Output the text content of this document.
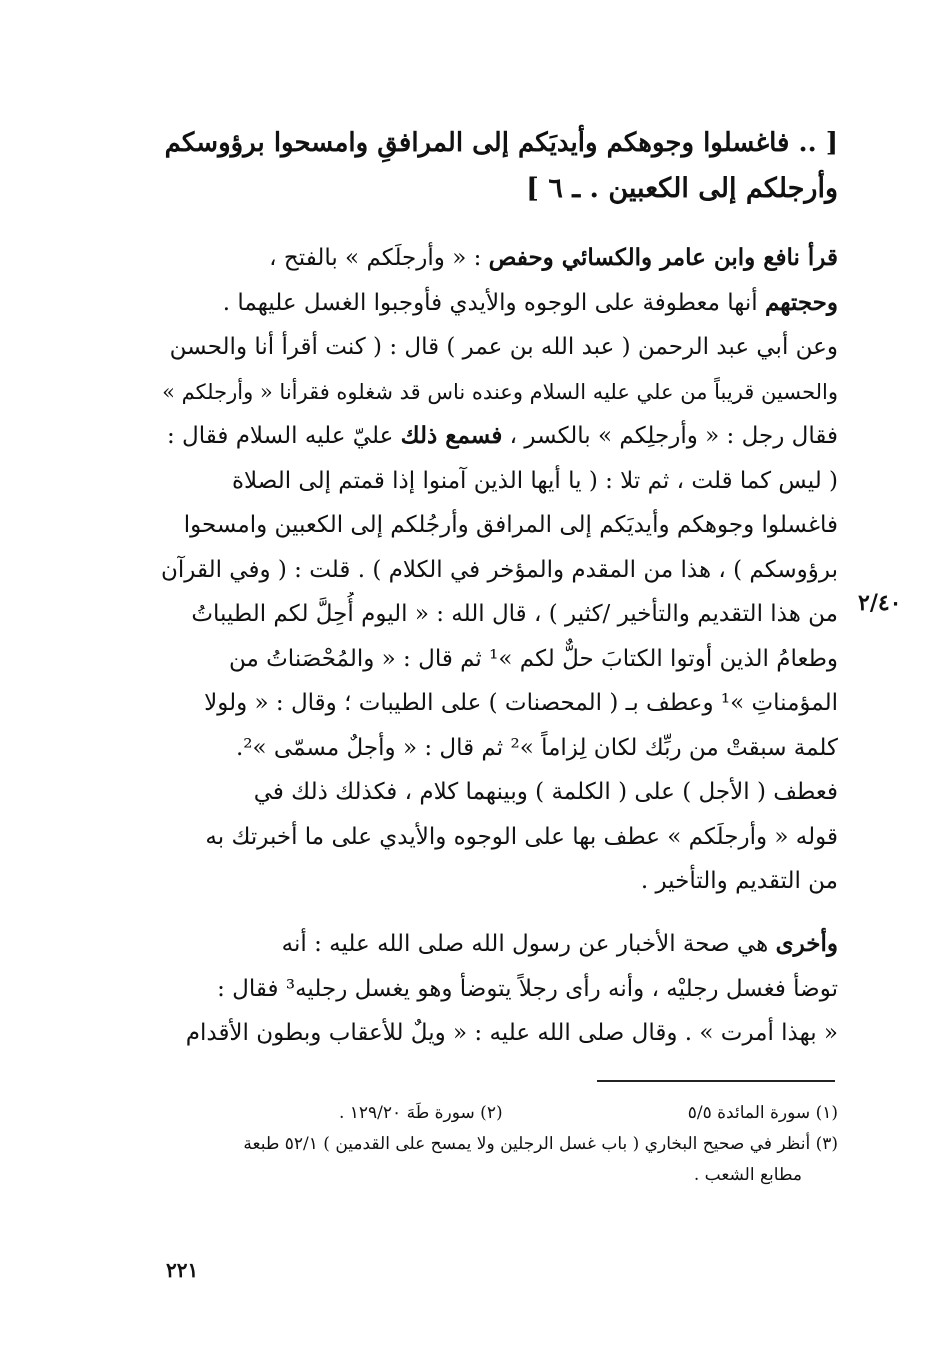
[ .. فاغسلوا وجوهكم وأيديَكم إلى المرافقِ وامسحوا برؤوسكم
وأرجلكم إلى الكعبين . ـ ٦ ]
قرأ نافع وابن عامر والكسائي وحفص : « وأرجلَكم » بالفتح ،
وحجتهم أنها معطوفة على الوجوه والأيدي فأوجبوا الغسل عليهما .
وعن أبي عبد الرحمن ( عبد الله بن عمر ) قال : ( كنت أقرأ أنا والحسن
والحسين قريباً من علي عليه السلام وعنده ناس قد شغلوه فقرأنا « وأرجلكم »
فقال رجل : « وأرجلِكم » بالكسر ، فسمع ذلك عليّ عليه السلام فقال :
( ليس كما قلت ، ثم تلا : ( يا أيها الذين آمنوا إذا قمتم إلى الصلاة
فاغسلوا وجوهكم وأيديَكم إلى المرافق وأرجُلكم إلى الكعبين وامسحوا
برؤوسكم ) ، هذا من المقدم والمؤخر في الكلام ) . قلت : ( وفي القرآن
من هذا التقديم والتأخير /كثير ) ، قال الله : « اليوم أُحِلَّ لكم الطيباتُ
وطعامُ الذين أوتوا الكتابَ حلٌّ لكم »¹ ثم قال : « والمُحْصَناتُ من
المؤمناتِ »¹ وعطف بـ ( المحصنات ) على الطيبات ؛ وقال : « ولولا
كلمة سبقتْ من ربِّك لكان لِزاماً »² ثم قال : « وأجلٌ مسمّى »².
فعطف ( الأجل ) على ( الكلمة ) وبينهما كلام ، فكذلك ذلك في
قوله « وأرجلَكم » عطف بها على الوجوه والأيدي على ما أخبرتك به
من التقديم والتأخير .
٢/٤٠
وأخرى هي صحة الأخبار عن رسول الله صلى الله عليه : أنه
توضأ فغسل رجليْه ، وأنه رأى رجلاً يتوضأ وهو يغسل رجليه³ فقال :
« بهذا أمرت » . وقال صلى الله عليه : « ويلٌ للأعقاب وبطون الأقدام
(١) سورة المائدة ٥/٥ (٢) سورة طَهَ ١٢٩/٢٠ .
(٣) أنظر في صحيح البخاري ( باب غسل الرجلين ولا يمسح على القدمين ) ٥٢/١ طبعة
مطابع الشعب .
٢٢١
